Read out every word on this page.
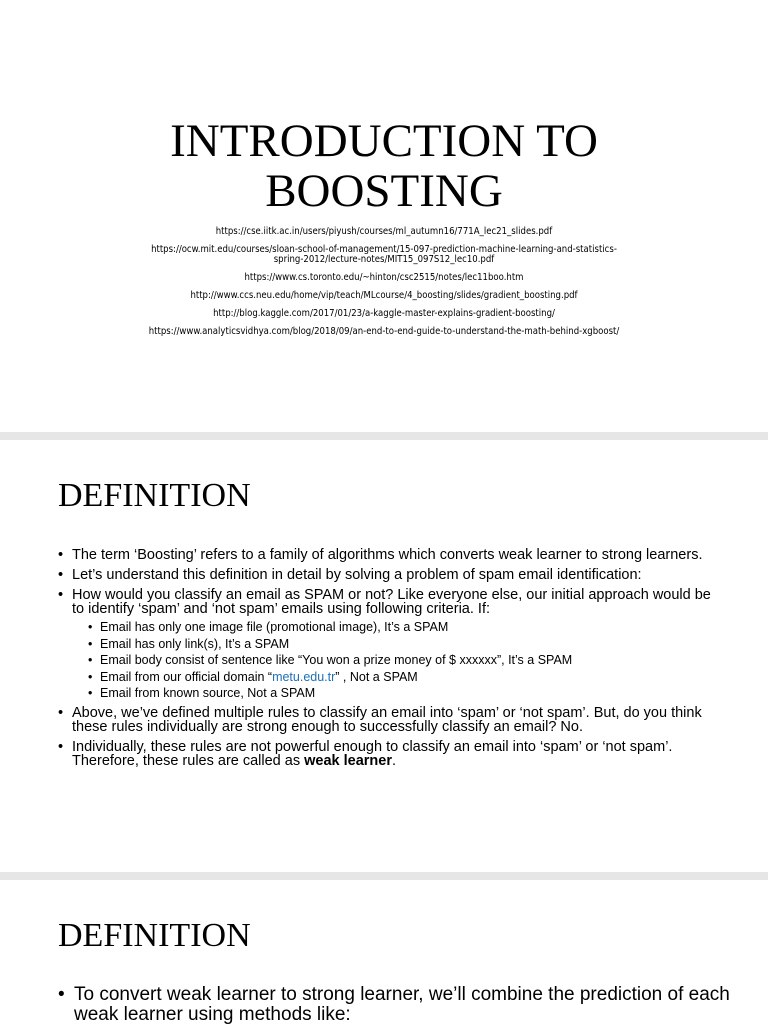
INTRODUCTION TO
BOOSTING

https://cse.iitk.ac.in/users/piyush/courses/ml_autumn16/771A_lec21_slides.pdf

https://ocw.mit.edu/courses/sloan-school-of-management/15-097-prediction-machine-learning-and-statistics-

spring-2012/lecture-notes/MIT15_097S12_lec10.pdf

https://www.cs.toronto.edu/~hinton/csc2515/notes/lec11boo.htm

http://www.ccs.neu.edu/home/vip/teach/MLcourse/4_boosting/slides/gradient_boosting.pdf

http://blog.kaggle.com/2017/01/23/a-kaggle-master-explains-gradient-boosting/

https://www.analyticsvidhya.com/blog/2018/09/an-end-to-end-guide-to-understand-the-math-behind-xgboost/

DEFINITION
• The term ‘Boosting’ refers to a family of algorithms which converts weak learner to strong learners.
• Let’s understand this definition in detail by solving a problem of spam email identification:
• How would you classify an email as SPAM or not? Like everyone else, our initial approach would be to identify ‘spam’ and ‘not spam’ emails using following criteria. If:
• Email has only one image file (promotional image), It’s a SPAM
• Email has only link(s), It’s a SPAM
• Email body consist of sentence like “You won a prize money of $ xxxxxx”, It’s a SPAM
• Email from our official domain “metu.edu.tr” , Not a SPAM
• Email from known source, Not a SPAM
• Above, we’ve defined multiple rules to classify an email into ‘spam’ or ‘not spam’. But, do you think these rules individually are strong enough to successfully classify an email? No.
• Individually, these rules are not powerful enough to classify an email into ‘spam’ or ‘not spam’. Therefore, these rules are called as weak learner.
DEFINITION
• To convert weak learner to strong learner, we’ll combine the prediction of each weak learner using methods like:
